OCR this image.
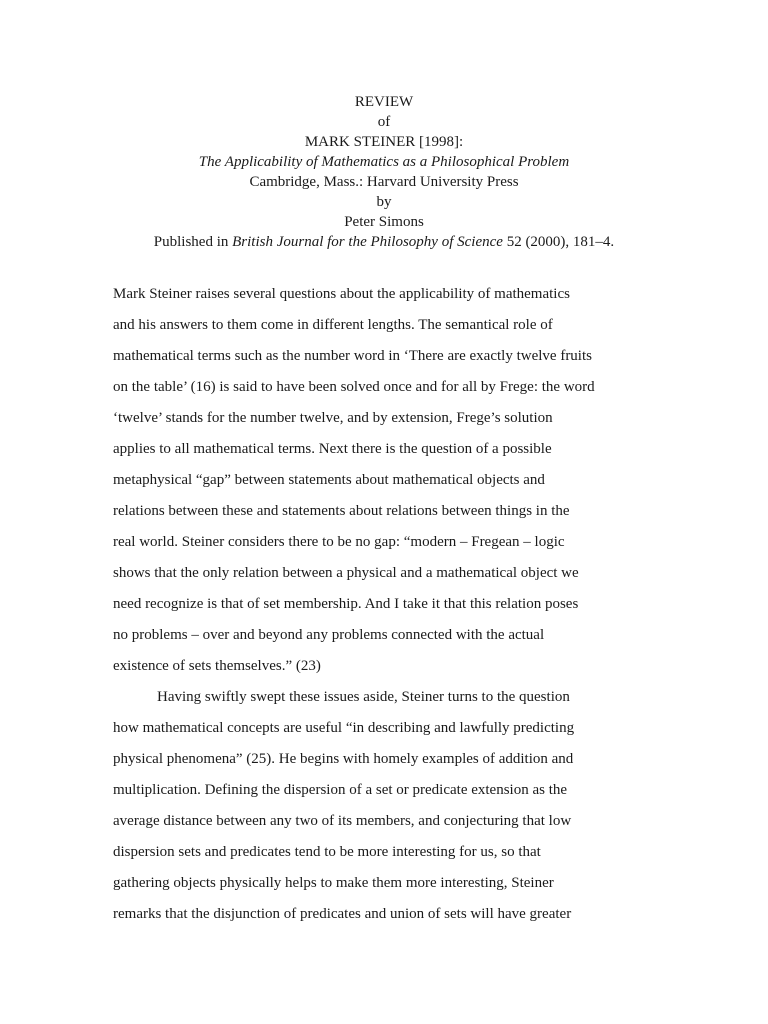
REVIEW
of
MARK STEINER [1998]:
The Applicability of Mathematics as a Philosophical Problem
Cambridge, Mass.: Harvard University Press
by
Peter Simons
Published in British Journal for the Philosophy of Science 52 (2000), 181–4.
Mark Steiner raises several questions about the applicability of mathematics
and his answers to them come in different lengths. The semantical role of
mathematical terms such as the number word in ‘There are exactly twelve fruits
on the table’ (16) is said to have been solved once and for all by Frege: the word
‘twelve’ stands for the number twelve, and by extension, Frege’s solution
applies to all mathematical terms. Next there is the question of a possible
metaphysical “gap” between statements about mathematical objects and
relations between these and statements about relations between things in the
real world. Steiner considers there to be no gap: “modern – Fregean – logic
shows that the only relation between a physical and a mathematical object we
need recognize is that of set membership. And I take it that this relation poses
no problems – over and beyond any problems connected with the actual
existence of sets themselves.” (23)
Having swiftly swept these issues aside, Steiner turns to the question
how mathematical concepts are useful “in describing and lawfully predicting
physical phenomena” (25). He begins with homely examples of addition and
multiplication. Defining the dispersion of a set or predicate extension as the
average distance between any two of its members, and conjecturing that low
dispersion sets and predicates tend to be more interesting for us, so that
gathering objects physically helps to make them more interesting, Steiner
remarks that the disjunction of predicates and union of sets will have greater
